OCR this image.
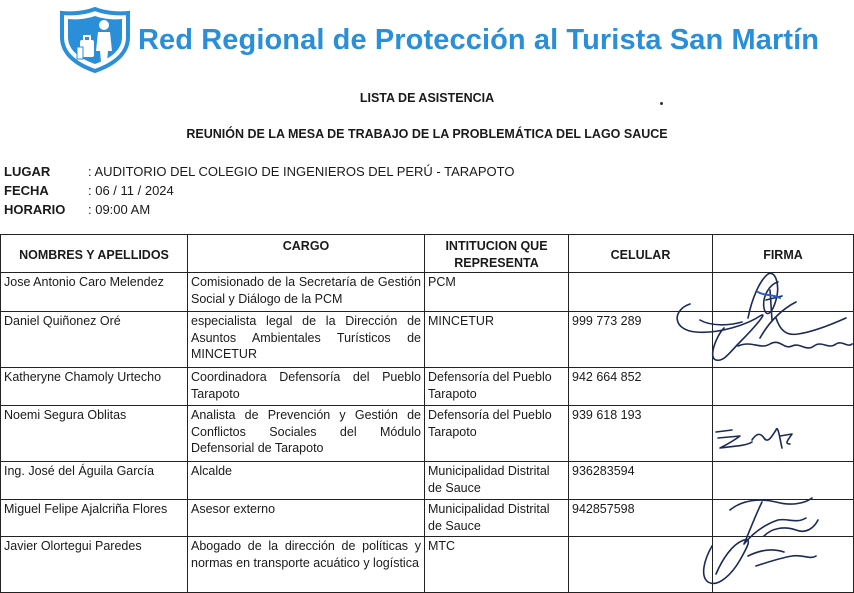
Red Regional de Protección al Turista San Martín
LISTA DE ASISTENCIA
REUNIÓN DE LA MESA DE TRABAJO DE LA PROBLEMÁTICA DEL LAGO SAUCE
LUGAR	: AUDITORIO DEL COLEGIO DE INGENIEROS DEL PERÚ - TARAPOTO
FECHA	: 06 / 11 / 2024
HORARIO : 09:00 AM
NOMBRES Y APELLIDOS	CARGO	INTITUCION QUE REPRESENTA	CELULAR	FIRMA
Jose Antonio Caro Melendez	Comisionado de la Secretaría de Gestión Social y Diálogo de la PCM	PCM		
Daniel Quiñonez Oré	especialista legal de la Dirección de Asuntos Ambientales Turísticos de MINCETUR	MINCETUR	999 773 289	
Katheryne Chamoly Urtecho	Coordinadora Defensoría del Pueblo Tarapoto	Defensoría del Pueblo Tarapoto	942 664 852	
Noemi Segura Oblitas	Analista de Prevención y Gestión de Conflictos Sociales del Módulo Defensorial de Tarapoto	Defensoría del Pueblo Tarapoto	939 618 193	
Ing. José del Águila García	Alcalde	Municipalidad Distrital de Sauce	936283594	
Miguel Felipe Ajalcriña Flores	Asesor externo	Municipalidad Distrital de Sauce	942857598	
Javier Olortegui Paredes	Abogado de la dirección de políticas y normas en transporte acuático y logística	MTC		
